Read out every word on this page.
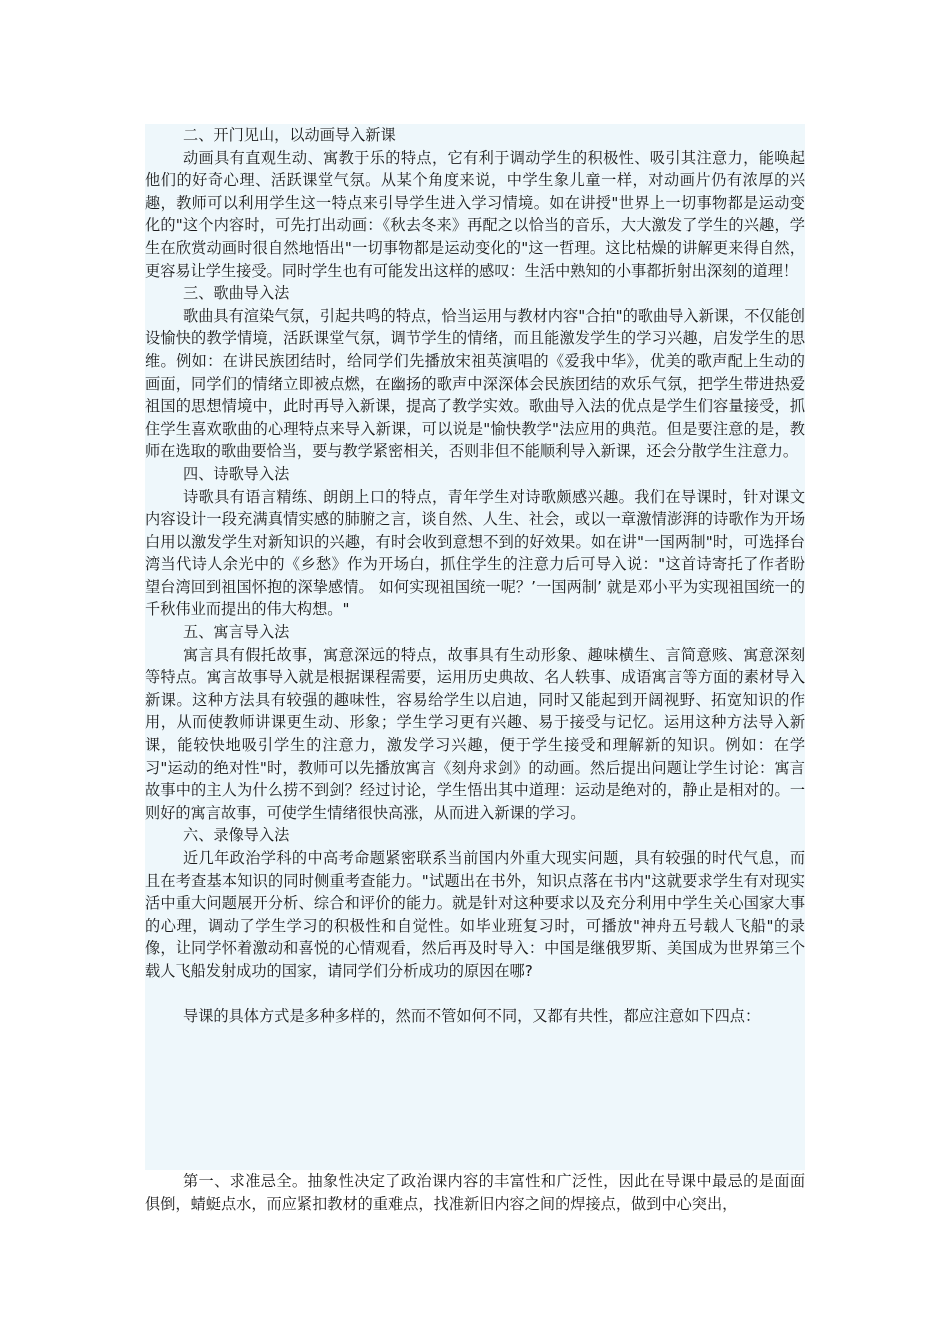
二、开门见山，以动画导入新课

动画具有直观生动、寓教于乐的特点，它有利于调动学生的积极性、吸引其注意力，能唤起他们的好奇心理、活跃课堂气氛。从某个角度来说，中学生象儿童一样，对动画片仍有浓厚的兴趣，教师可以利用学生这一特点来引导学生进入学习情境。如在讲授"世界上一切事物都是运动变化的"这个内容时，可先打出动画：《秋去冬来》再配之以恰当的音乐，大大激发了学生的兴趣，学生在欣赏动画时很自然地悟出"一切事物都是运动变化的"这一哲理。这比枯燥的讲解更来得自然，更容易让学生接受。同时学生也有可能发出这样的感叹：生活中熟知的小事都折射出深刻的道理！

三、歌曲导入法

歌曲具有渲染气氛，引起共鸣的特点，恰当运用与教材内容"合拍"的歌曲导入新课，不仅能创设愉快的教学情境，活跃课堂气氛，调节学生的情绪，而且能激发学生的学习兴趣，启发学生的思维。例如：在讲民族团结时，给同学们先播放宋祖英演唱的《爱我中华》，优美的歌声配上生动的画面，同学们的情绪立即被点燃，在幽扬的歌声中深深体会民族团结的欢乐气氛，把学生带进热爱祖国的思想情境中，此时再导入新课，提高了教学实效。歌曲导入法的优点是学生们容量接受，抓住学生喜欢歌曲的心理特点来导入新课，可以说是"愉快教学"法应用的典范。但是要注意的是，教师在选取的歌曲要恰当，要与教学紧密相关，否则非但不能顺利导入新课，还会分散学生注意力。

四、诗歌导入法

诗歌具有语言精练、朗朗上口的特点，青年学生对诗歌颇感兴趣。我们在导课时，针对课文内容设计一段充满真情实感的肺腑之言，谈自然、人生、社会，或以一章激情澎湃的诗歌作为开场白用以激发学生对新知识的兴趣，有时会收到意想不到的好效果。如在讲"一国两制"时，可选择台湾当代诗人余光中的《乡愁》作为开场白，抓住学生的注意力后可导入说："这首诗寄托了作者盼望台湾回到祖国怀抱的深挚感情。 如何实现祖国统一呢？’一国两制’ 就是邓小平为实现祖国统一的千秋伟业而提出的伟大构想。"

五、寓言导入法

寓言具有假托故事，寓意深远的特点，故事具有生动形象、趣味横生、言简意赅、寓意深刻等特点。寓言故事导入就是根据课程需要，运用历史典故、名人轶事、成语寓言等方面的素材导入新课。这种方法具有较强的趣味性，容易给学生以启迪，同时又能起到开阔视野、拓宽知识的作用，从而使教师讲课更生动、形象；学生学习更有兴趣、易于接受与记忆。运用这种方法导入新课，能较快地吸引学生的注意力，激发学习兴趣，便于学生接受和理解新的知识。例如：在学习"运动的绝对性"时，教师可以先播放寓言《刻舟求剑》的动画。然后提出问题让学生讨论：寓言故事中的主人为什么捞不到剑？经过讨论，学生悟出其中道理：运动是绝对的，静止是相对的。一则好的寓言故事，可使学生情绪很快高涨，从而进入新课的学习。

六、录像导入法

近几年政治学科的中高考命题紧密联系当前国内外重大现实问题，具有较强的时代气息，而且在考查基本知识的同时侧重考查能力。"试题出在书外，知识点落在书内"这就要求学生有对现实活中重大问题展开分析、综合和评价的能力。就是针对这种要求以及充分利用中学生关心国家大事的心理，调动了学生学习的积极性和自觉性。如毕业班复习时，可播放"神舟五号载人飞船"的录像，让同学怀着激动和喜悦的心情观看，然后再及时导入：中国是继俄罗斯、美国成为世界第三个载人飞船发射成功的国家，请同学们分析成功的原因在哪?

导课的具体方式是多种多样的，然而不管如何不同，又都有共性，都应注意如下四点：

第一、求准忌全。抽象性决定了政治课内容的丰富性和广泛性，因此在导课中最忌的是面面俱倒，蜻蜓点水，而应紧扣教材的重难点，找准新旧内容之间的焊接点，做到中心突出，
